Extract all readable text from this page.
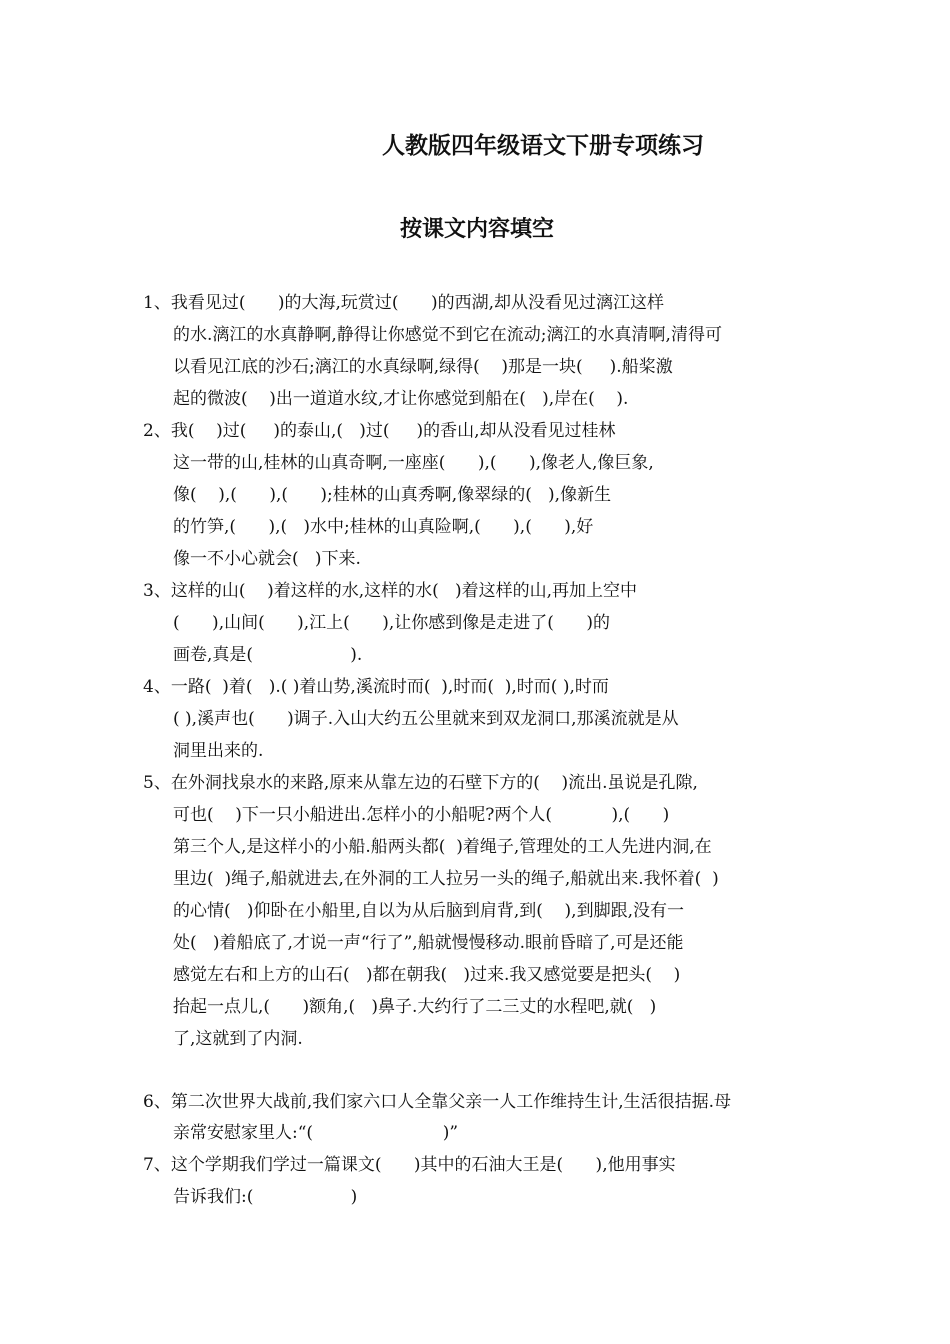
人教版四年级语文下册专项练习
按课文内容填空
1、我看见过(      )的大海,玩赏过(      )的西湖,却从没看见过漓江这样
的水.漓江的水真静啊,静得让你感觉不到它在流动;漓江的水真清啊,清得可
以看见江底的沙石;漓江的水真绿啊,绿得(    )那是一块(     ).船桨激
起的微波(    )出一道道水纹,才让你感觉到船在(   ),岸在(    ).
2、我(    )过(     )的泰山,(   )过(     )的香山,却从没看见过桂林
这一带的山,桂林的山真奇啊,一座座(      ),(      ),像老人,像巨象,
像(    ),(      ),(      );桂林的山真秀啊,像翠绿的(   ),像新生
的竹笋,(      ),(   )水中;桂林的山真险啊,(      ),(      ),好
像一不小心就会(   )下来.
3、这样的山(    )着这样的水,这样的水(   )着这样的山,再加上空中
(      ),山间(      ),江上(      ),让你感到像是走进了(      )的
画卷,真是(                  ).
4、一路(  )着(   ).( )着山势,溪流时而(  ),时而(  ),时而( ),时而
( ),溪声也(      )调子.入山大约五公里就来到双龙洞口,那溪流就是从
洞里出来的.
5、在外洞找泉水的来路,原来从靠左边的石壁下方的(    )流出.虽说是孔隙,
可也(    )下一只小船进出.怎样小的小船呢?两个人(           ),(      )
第三个人,是这样小的小船.船两头都(  )着绳子,管理处的工人先进内洞,在
里边(  )绳子,船就进去,在外洞的工人拉另一头的绳子,船就出来.我怀着(  )
的心情(   )仰卧在小船里,自以为从后脑到肩背,到(    ),到脚跟,没有一
处(   )着船底了,才说一声“行了”,船就慢慢移动.眼前昏暗了,可是还能
感觉左右和上方的山石(   )都在朝我(   )过来.我又感觉要是把头(    )
抬起一点儿,(      )额角,(   )鼻子.大约行了二三丈的水程吧,就(   )
了,这就到了内洞.
6、第二次世界大战前,我们家六口人全靠父亲一人工作维持生计,生活很拮据.母
亲常安慰家里人:“(                        )”
7、这个学期我们学过一篇课文(      )其中的石油大王是(      ),他用事实
告诉我们:(                  )
